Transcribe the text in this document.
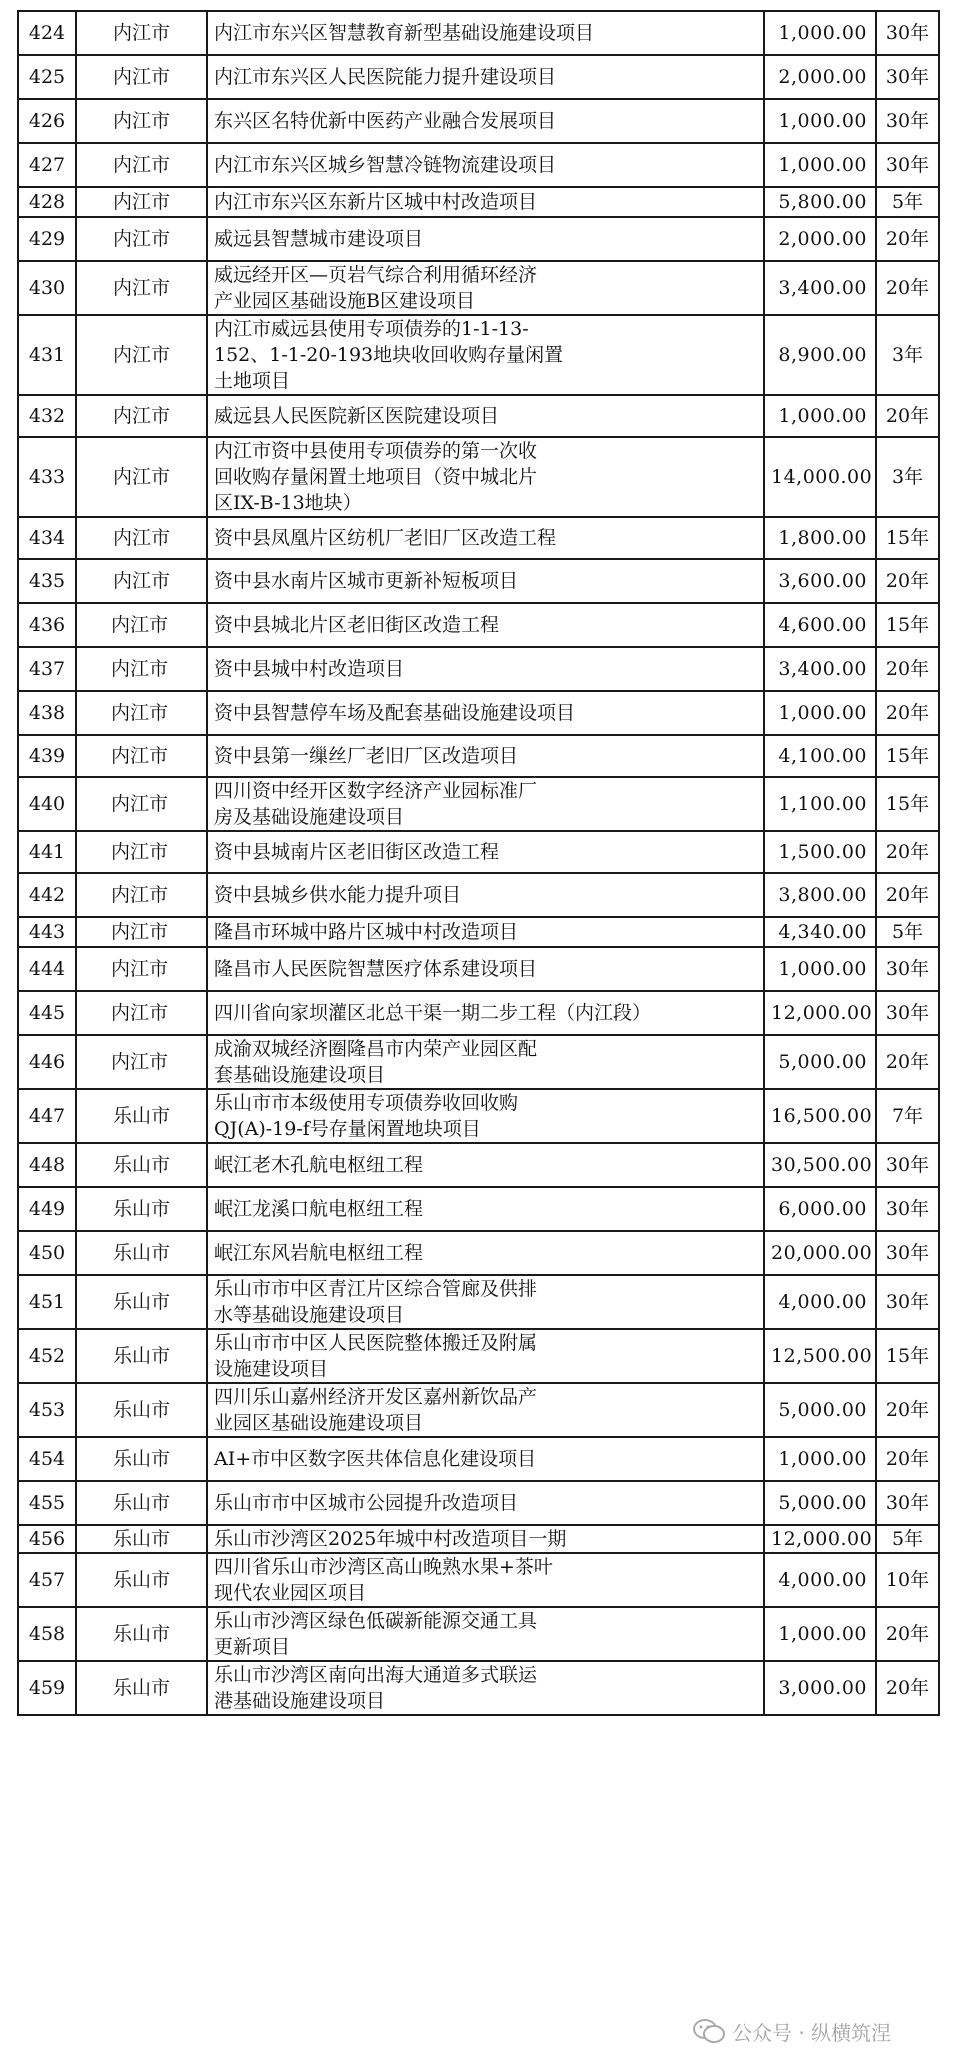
424	内江市	内江市东兴区智慧教育新型基础设施建设项目	1,000.00	30年
425	内江市	内江市东兴区人民医院能力提升建设项目	2,000.00	30年
426	内江市	东兴区名特优新中医药产业融合发展项目	1,000.00	30年
427	内江市	内江市东兴区城乡智慧冷链物流建设项目	1,000.00	30年
428	内江市	内江市东兴区东新片区城中村改造项目	5,800.00	5年
429	内江市	威远县智慧城市建设项目	2,000.00	20年
430	内江市	威远经开区—页岩气综合利用循环经济
产业园区基础设施B区建设项目	3,400.00	20年
431	内江市	内江市威远县使用专项债券的1-1-13-
152、1-1-20-193地块收回收购存量闲置
土地项目	8,900.00	3年
432	内江市	威远县人民医院新区医院建设项目	1,000.00	20年
433	内江市	内江市资中县使用专项债券的第一次收
回收购存量闲置土地项目（资中城北片
区IX-B-13地块）	14,000.00	3年
434	内江市	资中县凤凰片区纺机厂老旧厂区改造工程	1,800.00	15年
435	内江市	资中县水南片区城市更新补短板项目	3,600.00	20年
436	内江市	资中县城北片区老旧街区改造工程	4,600.00	15年
437	内江市	资中县城中村改造项目	3,400.00	20年
438	内江市	资中县智慧停车场及配套基础设施建设项目	1,000.00	20年
439	内江市	资中县第一缫丝厂老旧厂区改造项目	4,100.00	15年
440	内江市	四川资中经开区数字经济产业园标准厂
房及基础设施建设项目	1,100.00	15年
441	内江市	资中县城南片区老旧街区改造工程	1,500.00	20年
442	内江市	资中县城乡供水能力提升项目	3,800.00	20年
443	内江市	隆昌市环城中路片区城中村改造项目	4,340.00	5年
444	内江市	隆昌市人民医院智慧医疗体系建设项目	1,000.00	30年
445	内江市	四川省向家坝灌区北总干渠一期二步工程（内江段）	12,000.00	30年
446	内江市	成渝双城经济圈隆昌市内荣产业园区配
套基础设施建设项目	5,000.00	20年
447	乐山市	乐山市市本级使用专项债券收回收购
QJ(A)-19-f号存量闲置地块项目	16,500.00	7年
448	乐山市	岷江老木孔航电枢纽工程	30,500.00	30年
449	乐山市	岷江龙溪口航电枢纽工程	6,000.00	30年
450	乐山市	岷江东风岩航电枢纽工程	20,000.00	30年
451	乐山市	乐山市市中区青江片区综合管廊及供排
水等基础设施建设项目	4,000.00	30年
452	乐山市	乐山市市中区人民医院整体搬迁及附属
设施建设项目	12,500.00	15年
453	乐山市	四川乐山嘉州经济开发区嘉州新饮品产
业园区基础设施建设项目	5,000.00	20年
454	乐山市	AI+市中区数字医共体信息化建设项目	1,000.00	20年
455	乐山市	乐山市市中区城市公园提升改造项目	5,000.00	30年
456	乐山市	乐山市沙湾区2025年城中村改造项目一期	12,000.00	5年
457	乐山市	四川省乐山市沙湾区高山晚熟水果+茶叶
现代农业园区项目	4,000.00	10年
458	乐山市	乐山市沙湾区绿色低碳新能源交通工具
更新项目	1,000.00	20年
459	乐山市	乐山市沙湾区南向出海大通道多式联运
港基础设施建设项目	3,000.00	20年
公众号 · 纵横筑涅
